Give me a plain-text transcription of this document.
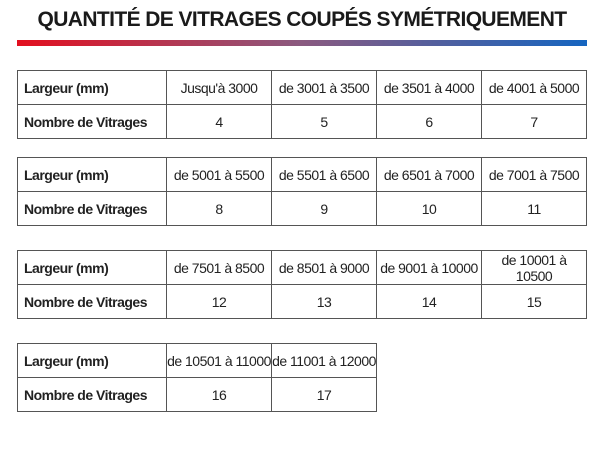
QUANTITÉ DE VITRAGES COUPÉS SYMÉTRIQUEMENT
Largeur (mm)	Jusqu'à 3000	de 3001 à 3500	de 3501 à 4000	de 4001 à 5000
Nombre de Vitrages	4	5	6	7
Largeur (mm)	de 5001 à 5500	de 5501 à 6500	de 6501 à 7000	de 7001 à 7500
Nombre de Vitrages	8	9	10	11
Largeur (mm)	de 7501 à 8500	de 8501 à 9000	de 9001 à 10000	de 10001 à 10500
Nombre de Vitrages	12	13	14	15
Largeur (mm)	de 10501 à 11000	de 11001 à 12000
Nombre de Vitrages	16	17
